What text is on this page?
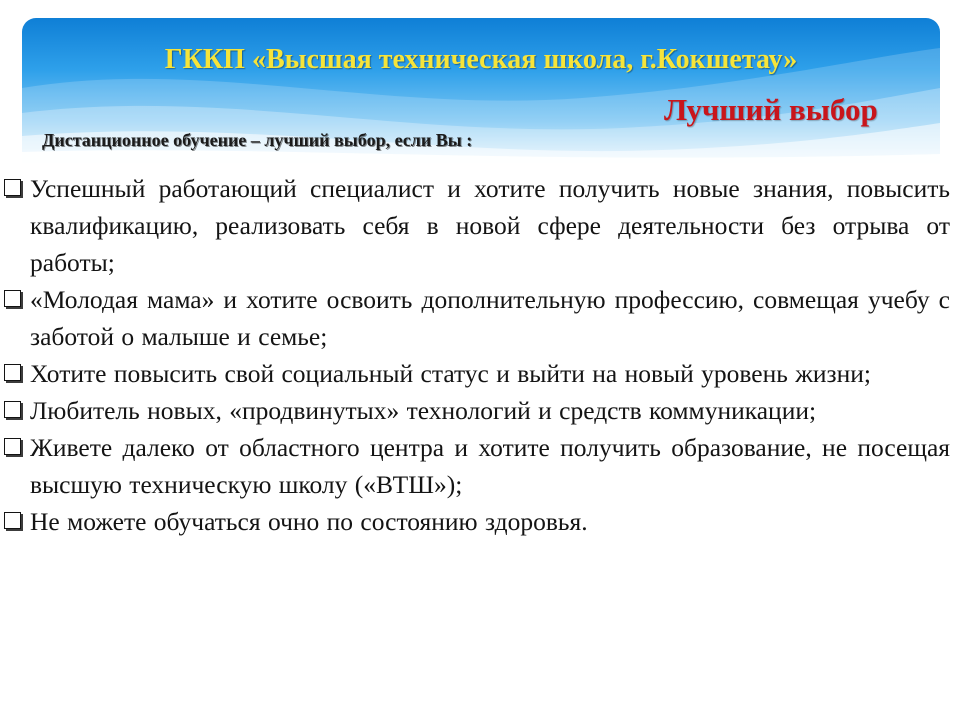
ГККП «Высшая техническая школа, г.Кокшетау»
Лучший выбор
Дистанционное обучение – лучший выбор, если Вы :
Успешный работающий специалист и хотите получить новые знания, повысить квалификацию, реализовать себя в новой сфере деятельности без отрыва от работы;
«Молодая мама» и хотите освоить дополнительную профессию, совмещая учебу с заботой о малыше и семье;
Хотите повысить свой социальный статус и выйти на новый уровень жизни;
Любитель новых, «продвинутых» технологий и средств коммуникации;
Живете далеко от областного центра и хотите получить образование, не посещая высшую техническую школу («ВТШ»);
Не можете обучаться очно по состоянию здоровья.
